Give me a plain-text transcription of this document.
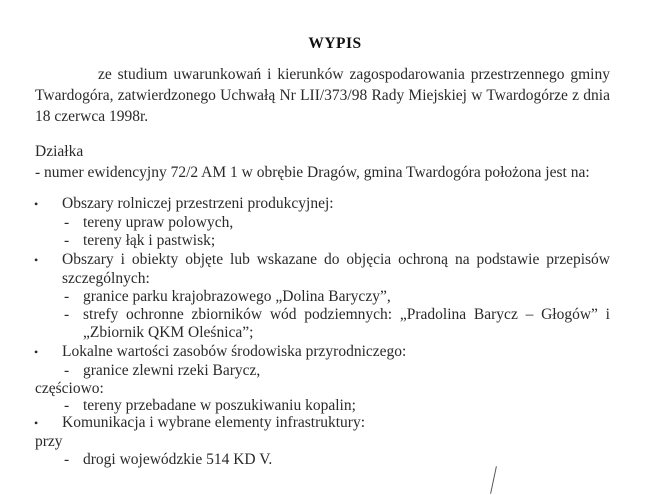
WYPIS
ze studium uwarunkowań i kierunków zagospodarowania przestrzennego gminy
Twardogóra, zatwierdzonego Uchwałą Nr LII/373/98 Rady Miejskiej w Twardogórze z dnia
18 czerwca 1998r.
Działka
- numer ewidencyjny 72/2 AM 1 w obrębie Dragów, gmina Twardogóra położona jest na:
• Obszary rolniczej przestrzeni produkcyjnej:
- tereny upraw polowych,
- tereny łąk i pastwisk;
• Obszary i obiekty objęte lub wskazane do objęcia ochroną na podstawie przepisów
szczególnych:
- granice parku krajobrazowego „Dolina Baryczy”,
- strefy ochronne zbiorników wód podziemnych: „Pradolina Barycz – Głogów” i
„Zbiornik QKM Oleśnica”;
• Lokalne wartości zasobów środowiska przyrodniczego:
- granice zlewni rzeki Barycz,
częściowo:
- tereny przebadane w poszukiwaniu kopalin;
• Komunikacja i wybrane elementy infrastruktury:
przy
- drogi wojewódzkie 514 KD V.
